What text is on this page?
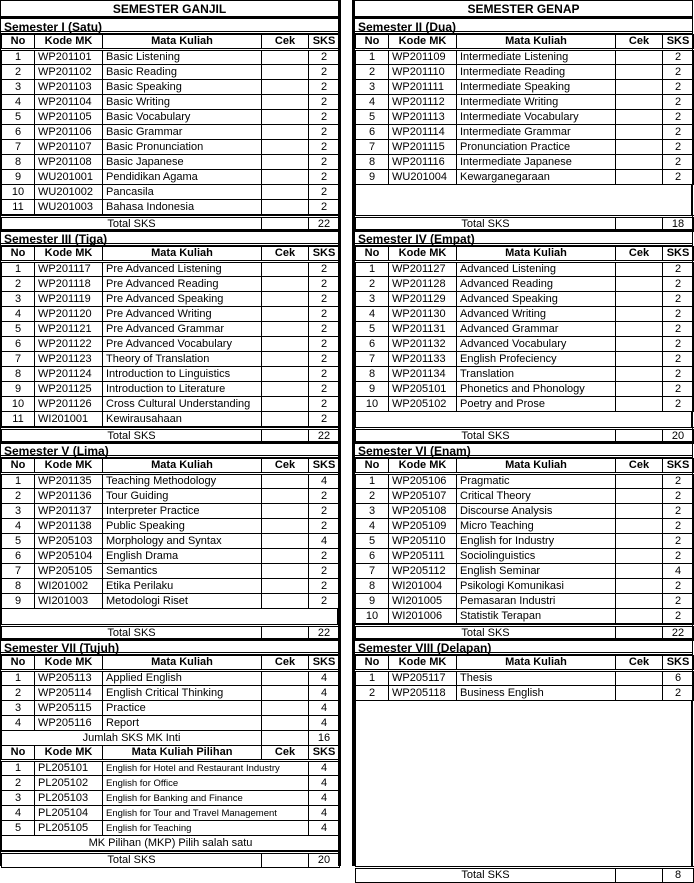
SEMESTER GANJIL
Semester I (Satu)
No	Kode MK	Mata Kuliah	Cek	SKS
1	WP201101	Basic Listening		2
2	WP201102	Basic Reading		2
3	WP201103	Basic Speaking		2
4	WP201104	Basic Writing		2
5	WP201105	Basic Vocabulary		2
6	WP201106	Basic Grammar		2
7	WP201107	Basic Pronunciation		2
8	WP201108	Basic Japanese		2
9	WU201001	Pendidikan Agama		2
10	WU201002	Pancasila		2
11	WU201003	Bahasa Indonesia		2
Total SKS		22
Semester III (Tiga)
No	Kode MK	Mata Kuliah	Cek	SKS
1	WP201117	Pre Advanced Listening		2
2	WP201118	Pre Advanced Reading		2
3	WP201119	Pre Advanced Speaking		2
4	WP201120	Pre Advanced Writing		2
5	WP201121	Pre Advanced Grammar		2
6	WP201122	Pre Advanced Vocabulary		2
7	WP201123	Theory of Translation		2
8	WP201124	Introduction to Linguistics		2
9	WP201125	Introduction to Literature		2
10	WP201126	Cross Cultural Understanding		2
11	WI201001	Kewirausahaan		2
Total SKS		22
Semester V (Lima)
No	Kode MK	Mata Kuliah	Cek	SKS
1	WP201135	Teaching Methodology		4
2	WP201136	Tour Guiding		2
3	WP201137	Interpreter Practice		2
4	WP201138	Public Speaking		2
5	WP205103	Morphology and Syntax		4
6	WP205104	English Drama		2
7	WP205105	Semantics		2
8	WI201002	Etika Perilaku		2
9	WI201003	Metodologi Riset		2
Total SKS		22
Semester VII (Tujuh)
No	Kode MK	Mata Kuliah	Cek	SKS
1	WP205113	Applied English		4
2	WP205114	English Critical Thinking		4
3	WP205115	Practice		4
4	WP205116	Report		4
Jumlah SKS MK Inti				16
No	Kode MK	Mata Kuliah Pilihan	Cek	SKS
1	PL205101	English for Hotel and Restaurant Industry		4
2	PL205102	English for Office		4
3	PL205103	English for Banking and Finance		4
4	PL205104	English for Tour and Travel Management		4
5	PL205105	English for Teaching		4
MK Pilihan (MKP) Pilih salah satu				
Total SKS		20
SEMESTER GENAP
Semester II (Dua)
No	Kode MK	Mata Kuliah	Cek	SKS
1	WP201109	Intermediate Listening		2
2	WP201110	Intermediate Reading		2
3	WP201111	Intermediate Speaking		2
4	WP201112	Intermediate Writing		2
5	WP201113	Intermediate Vocabulary		2
6	WP201114	Intermediate Grammar		2
7	WP201115	Pronunciation Practice		2
8	WP201116	Intermediate Japanese		2
9	WU201004	Kewarganegaraan		2
Total SKS		18
Semester IV (Empat)
No	Kode MK	Mata Kuliah	Cek	SKS
1	WP201127	Advanced Listening		2
2	WP201128	Advanced Reading		2
3	WP201129	Advanced Speaking		2
4	WP201130	Advanced Writing		2
5	WP201131	Advanced Grammar		2
6	WP201132	Advanced Vocabulary		2
7	WP201133	English Profeciency		2
8	WP201134	Translation		2
9	WP205101	Phonetics and Phonology		2
10	WP205102	Poetry and Prose		2
Total SKS		20
Semester VI (Enam)
No	Kode MK	Mata Kuliah	Cek	SKS
1	WP205106	Pragmatic		2
2	WP205107	Critical Theory		2
3	WP205108	Discourse Analysis		2
4	WP205109	Micro Teaching		2
5	WP205110	English for Industry		2
6	WP205111	Sociolinguistics		2
7	WP205112	English Seminar		4
8	WI201004	Psikologi Komunikasi		2
9	WI201005	Pemasaran Industri		2
10	WI201006	Statistik Terapan		2
Total SKS		22
Semester VIII (Delapan)
No	Kode MK	Mata Kuliah	Cek	SKS
1	WP205117	Thesis		6
2	WP205118	Business English		2
Total SKS		8
